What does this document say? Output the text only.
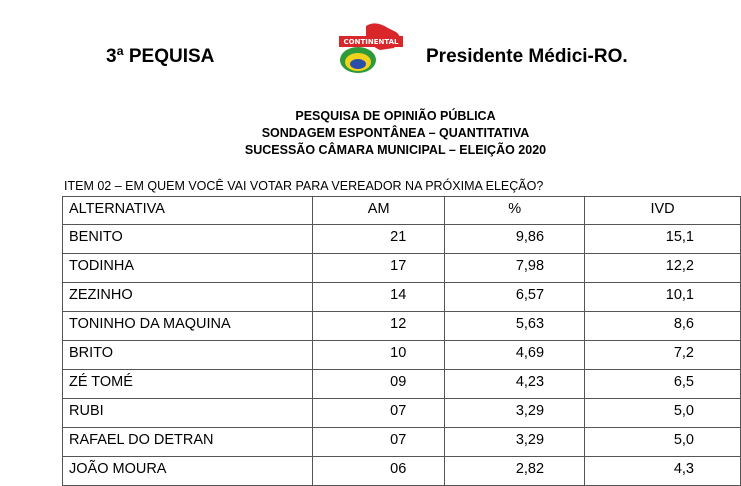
3ª PEQUISA
CONTINENTAL
Presidente Médici-RO.
PESQUISA DE OPINIÃO PÚBLICA
SONDAGEM ESPONTÂNEA – QUANTITATIVA
SUCESSÃO CÂMARA MUNICIPAL – ELEIÇÃO 2020
ITEM 02 – EM QUEM VOCÊ VAI VOTAR PARA VEREADOR NA PRÓXIMA ELEÇÃO?
ALTERNATIVA	AM	%	IVD

BENITO	21	9,86	15,1

TODINHA	17	7,98	12,2

ZEZINHO	14	6,57	10,1

TONINHO DA MAQUINA	12	5,63	8,6

BRITO	10	4,69	7,2

ZÉ TOMÉ	09	4,23	6,5

RUBI	07	3,29	5,0

RAFAEL DO DETRAN	07	3,29	5,0

JOÃO MOURA	06	2,82	4,3
